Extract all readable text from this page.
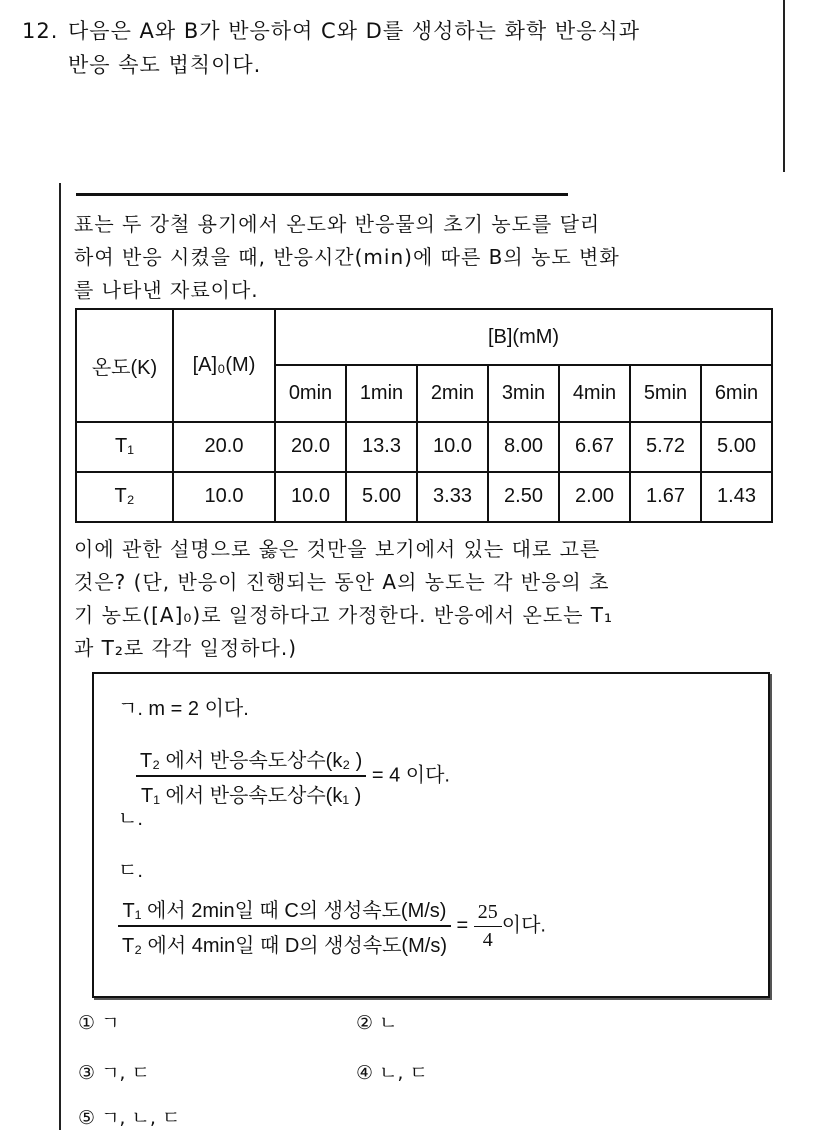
12. 다음은 A와 B가 반응하여 C와 D를 생성하는 화학 반응식과
반응 속도 법칙이다.
표는 두 강철 용기에서 온도와 반응물의 초기 농도를 달리
하여 반응 시켰을 때, 반응시간(min)에 따른 B의 농도 변화
를 나타낸 자료이다.
온도(K)	[A]₀(M)	[B](mM)						
		0min	1min	2min	3min	4min	5min	6min
T₁	20.0	20.0	13.3	10.0	8.00	6.67	5.72	5.00
T₂	10.0	10.0	5.00	3.33	2.50	2.00	1.67	1.43
이에 관한 설명으로 옳은 것만을 보기에서 있는 대로 고른
것은? (단, 반응이 진행되는 동안 A의 농도는 각 반응의 초
기 농도([A]₀)로 일정하다고 가정한다. 반응에서 온도는 T₁
과 T₂로 각각 일정하다.)
ㄱ. m = 2 이다.
ㄴ.
$\frac{\text{T₂ 에서 반응속도상수(k₂ )}}{\text{T₁ 에서 반응속도상수(k₁ )}} = 4$ 이다.
ㄷ.
$\frac{\text{T₁ 에서 2min일 때 C의 생성속도(M/s)}}{\text{T₂ 에서 4min일 때 D의 생성속도(M/s)}} = \frac{25}{4}$ 이다.
① ㄱ	② ㄴ
③ ㄱ, ㄷ	④ ㄴ, ㄷ
⑤ ㄱ, ㄴ, ㄷ
